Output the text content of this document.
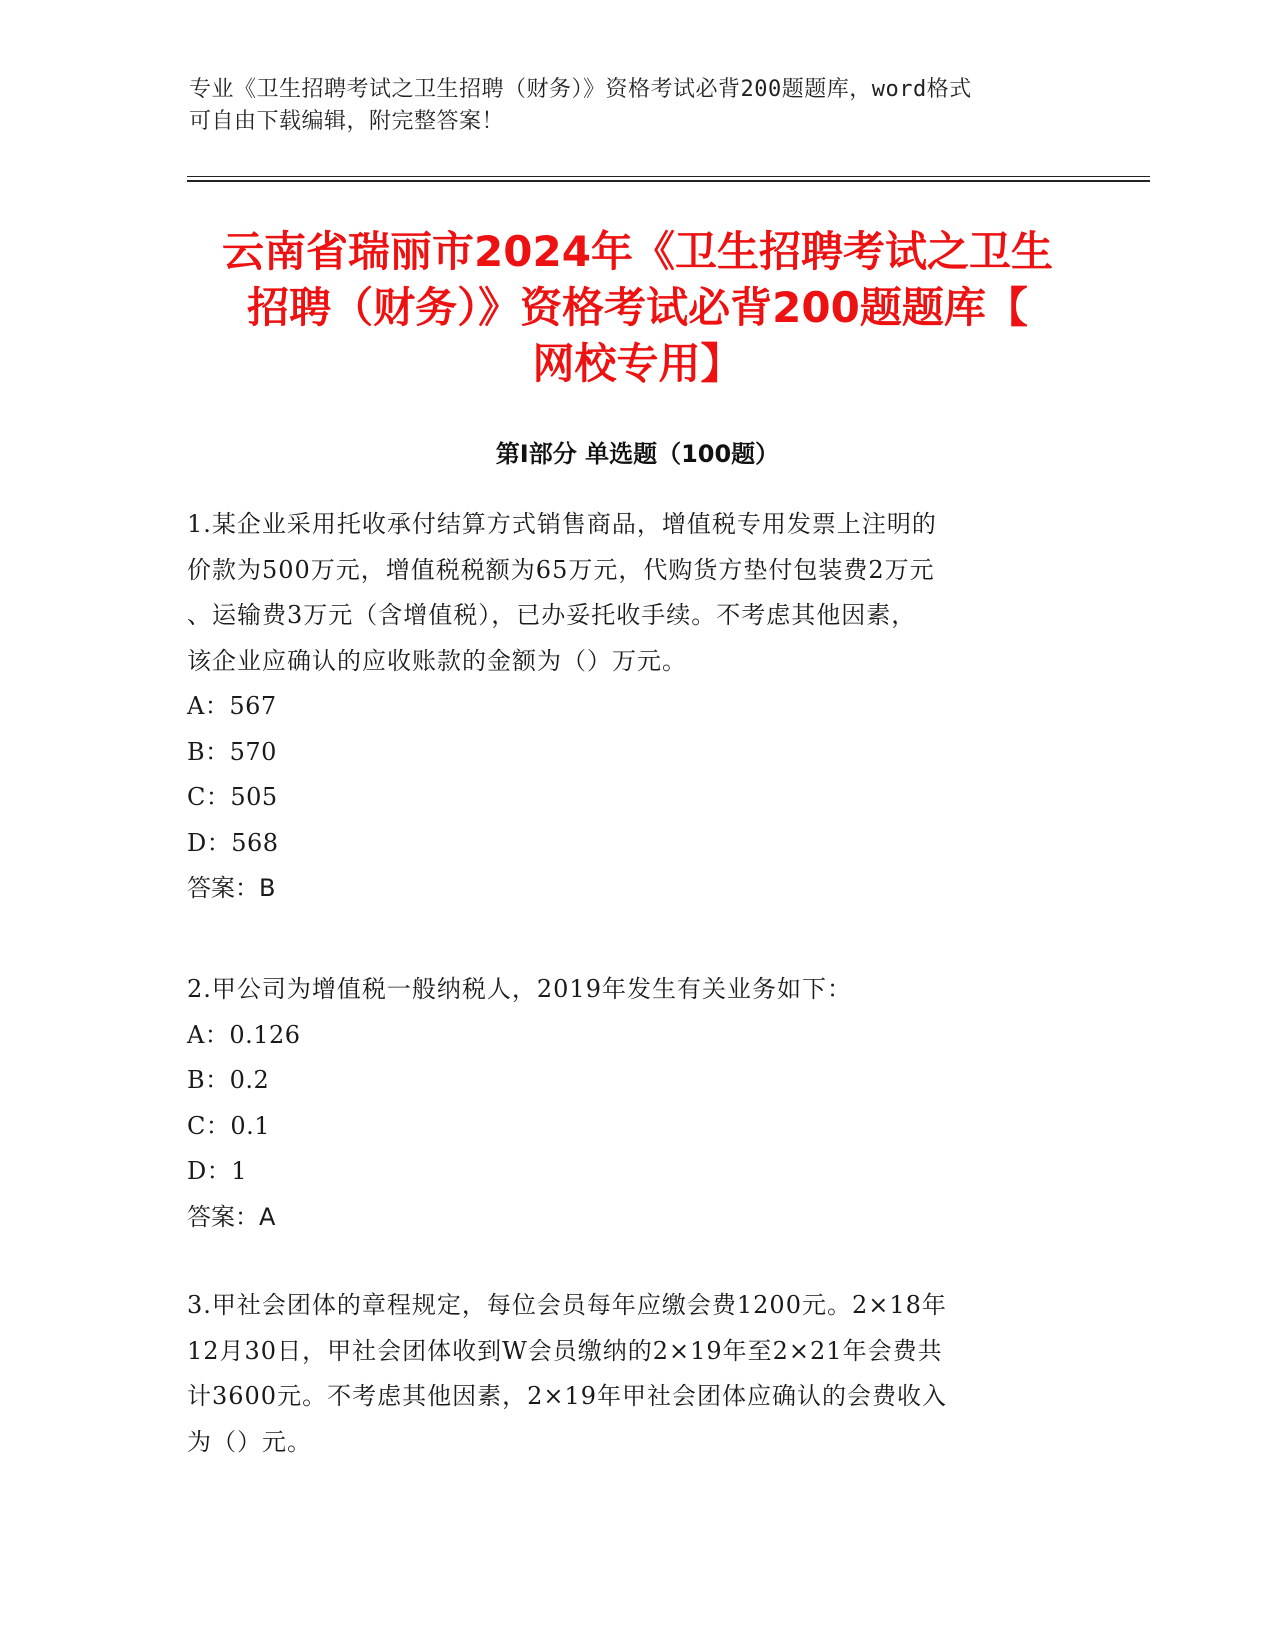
专业《卫生招聘考试之卫生招聘（财务）》资格考试必背200题题库，word格式
可自由下载编辑，附完整答案！
云南省瑞丽市2024年《卫生招聘考试之卫生
招聘（财务）》资格考试必背200题题库【
网校专用】
第Ⅰ部分 单选题（100题）
1.某企业采用托收承付结算方式销售商品，增值税专用发票上注明的
价款为500万元，增值税税额为65万元，代购货方垫付包装费2万元
、运输费3万元（含增值税），已办妥托收手续。不考虑其他因素，
该企业应确认的应收账款的金额为（）万元。
A：567
B：570
C：505
D：568
答案：B
2.甲公司为增值税一般纳税人，2019年发生有关业务如下：
A：0.126
B：0.2
C：0.1
D：1
答案：A
3.甲社会团体的章程规定，每位会员每年应缴会费1200元。2×18年
12月30日，甲社会团体收到W会员缴纳的2×19年至2×21年会费共
计3600元。不考虑其他因素，2×19年甲社会团体应确认的会费收入
为（）元。
